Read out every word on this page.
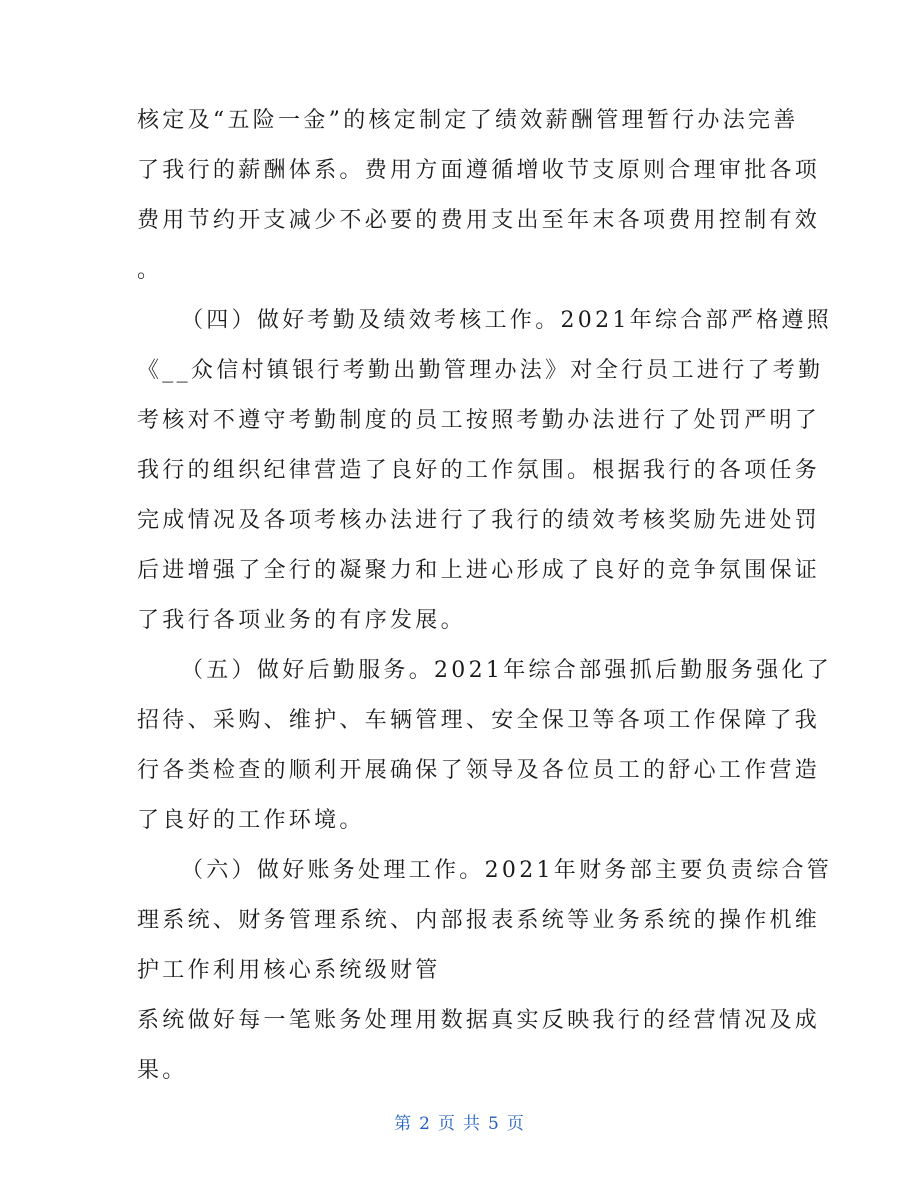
核定及“五险一金”的核定制定了绩效薪酬管理暂行办法完善
了我行的薪酬体系。费用方面遵循增收节支原则合理审批各项
费用节约开支减少不必要的费用支出至年末各项费用控制有效
。
（四）做好考勤及绩效考核工作。2021年综合部严格遵照
《__众信村镇银行考勤出勤管理办法》对全行员工进行了考勤
考核对不遵守考勤制度的员工按照考勤办法进行了处罚严明了
我行的组织纪律营造了良好的工作氛围。根据我行的各项任务
完成情况及各项考核办法进行了我行的绩效考核奖励先进处罚
后进增强了全行的凝聚力和上进心形成了良好的竞争氛围保证
了我行各项业务的有序发展。
（五）做好后勤服务。2021年综合部强抓后勤服务强化了
招待、采购、维护、车辆管理、安全保卫等各项工作保障了我
行各类检查的顺利开展确保了领导及各位员工的舒心工作营造
了良好的工作环境。
（六）做好账务处理工作。2021年财务部主要负责综合管
理系统、财务管理系统、内部报表系统等业务系统的操作机维
护工作利用核心系统级财管
系统做好每一笔账务处理用数据真实反映我行的经营情况及成
果。
第 2 页 共 5 页
